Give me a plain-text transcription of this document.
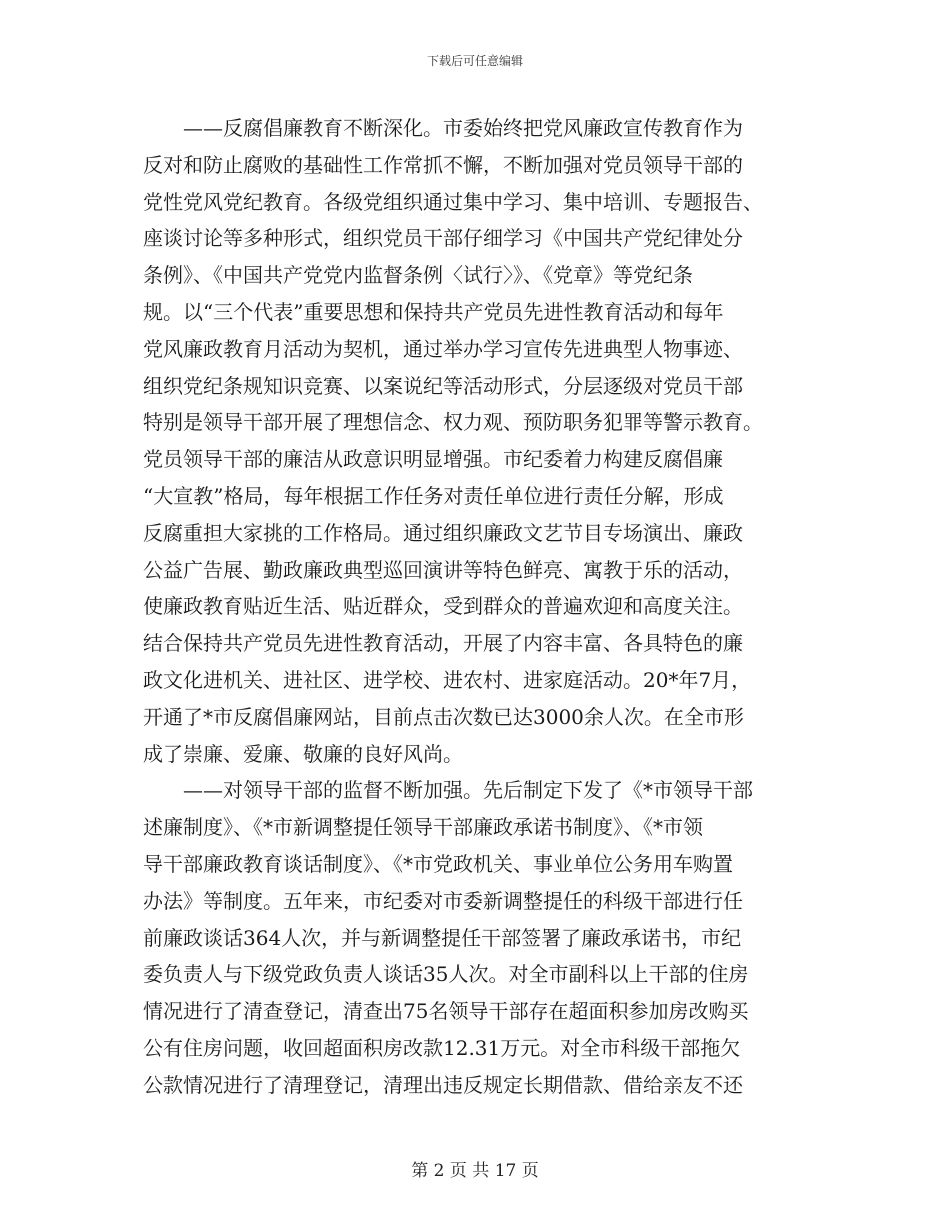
下载后可任意编辑
——反腐倡廉教育不断深化。市委始终把党风廉政宣传教育作为
反对和防止腐败的基础性工作常抓不懈，不断加强对党员领导干部的
党性党风党纪教育。各级党组织通过集中学习、集中培训、专题报告、
座谈讨论等多种形式，组织党员干部仔细学习《中国共产党纪律处分
条例》、《中国共产党党内监督条例〈试行〉》、《党章》等党纪条
规。以“三个代表”重要思想和保持共产党员先进性教育活动和每年
党风廉政教育月活动为契机，通过举办学习宣传先进典型人物事迹、
组织党纪条规知识竞赛、以案说纪等活动形式，分层逐级对党员干部
特别是领导干部开展了理想信念、权力观、预防职务犯罪等警示教育。
党员领导干部的廉洁从政意识明显增强。市纪委着力构建反腐倡廉
“大宣教”格局，每年根据工作任务对责任单位进行责任分解，形成
反腐重担大家挑的工作格局。通过组织廉政文艺节目专场演出、廉政
公益广告展、勤政廉政典型巡回演讲等特色鲜亮、寓教于乐的活动，
使廉政教育贴近生活、贴近群众，受到群众的普遍欢迎和高度关注。
结合保持共产党员先进性教育活动，开展了内容丰富、各具特色的廉
政文化进机关、进社区、进学校、进农村、进家庭活动。20*年7月，
开通了*市反腐倡廉网站，目前点击次数已达3000余人次。在全市形
成了崇廉、爱廉、敬廉的良好风尚。
——对领导干部的监督不断加强。先后制定下发了《*市领导干部
述廉制度》、《*市新调整提任领导干部廉政承诺书制度》、《*市领
导干部廉政教育谈话制度》、《*市党政机关、事业单位公务用车购置
办法》等制度。五年来，市纪委对市委新调整提任的科级干部进行任
前廉政谈话364人次，并与新调整提任干部签署了廉政承诺书，市纪
委负责人与下级党政负责人谈话35人次。对全市副科以上干部的住房
情况进行了清查登记，清查出75名领导干部存在超面积参加房改购买
公有住房问题，收回超面积房改款12.31万元。对全市科级干部拖欠
公款情况进行了清理登记，清理出违反规定长期借款、借给亲友不还
第 2 页 共 17 页
